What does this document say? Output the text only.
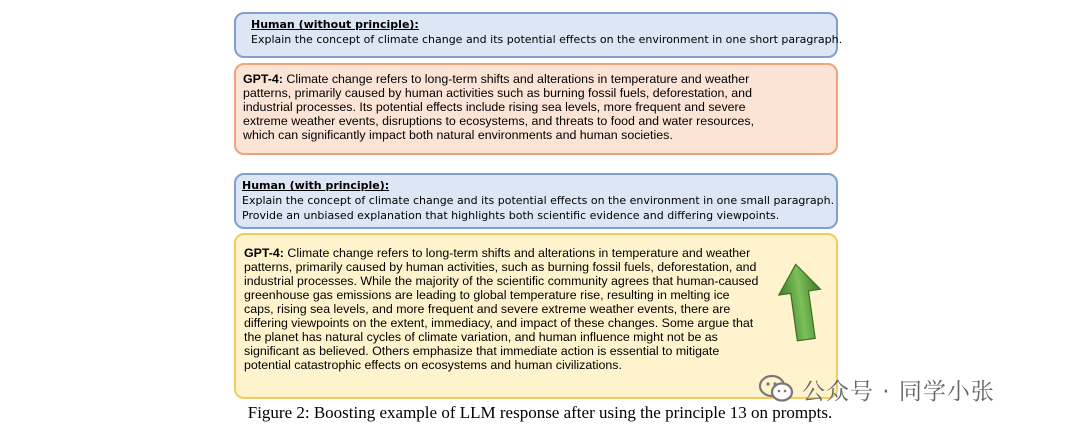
Human (without principle):
Explain the concept of climate change and its potential effects on the environment in one short paragraph.
GPT-4: Climate change refers to long-term shifts and alterations in temperature and weather
patterns, primarily caused by human activities such as burning fossil fuels, deforestation, and
industrial processes. Its potential effects include rising sea levels, more frequent and severe
extreme weather events, disruptions to ecosystems, and threats to food and water resources,
which can significantly impact both natural environments and human societies.
Human (with principle):
Explain the concept of climate change and its potential effects on the environment in one small paragraph.
Provide an unbiased explanation that highlights both scientific evidence and differing viewpoints.
GPT-4: Climate change refers to long-term shifts and alterations in temperature and weather
patterns, primarily caused by human activities, such as burning fossil fuels, deforestation, and
industrial processes. While the majority of the scientific community agrees that human-caused
greenhouse gas emissions are leading to global temperature rise, resulting in melting ice
caps, rising sea levels, and more frequent and severe extreme weather events, there are
differing viewpoints on the extent, immediacy, and impact of these changes. Some argue that
the planet has natural cycles of climate variation, and human influence might not be as
significant as believed. Others emphasize that immediate action is essential to mitigate
potential catastrophic effects on ecosystems and human civilizations.
公众号 · 同学小张
Figure 2: Boosting example of LLM response after using the principle 13 on prompts.
